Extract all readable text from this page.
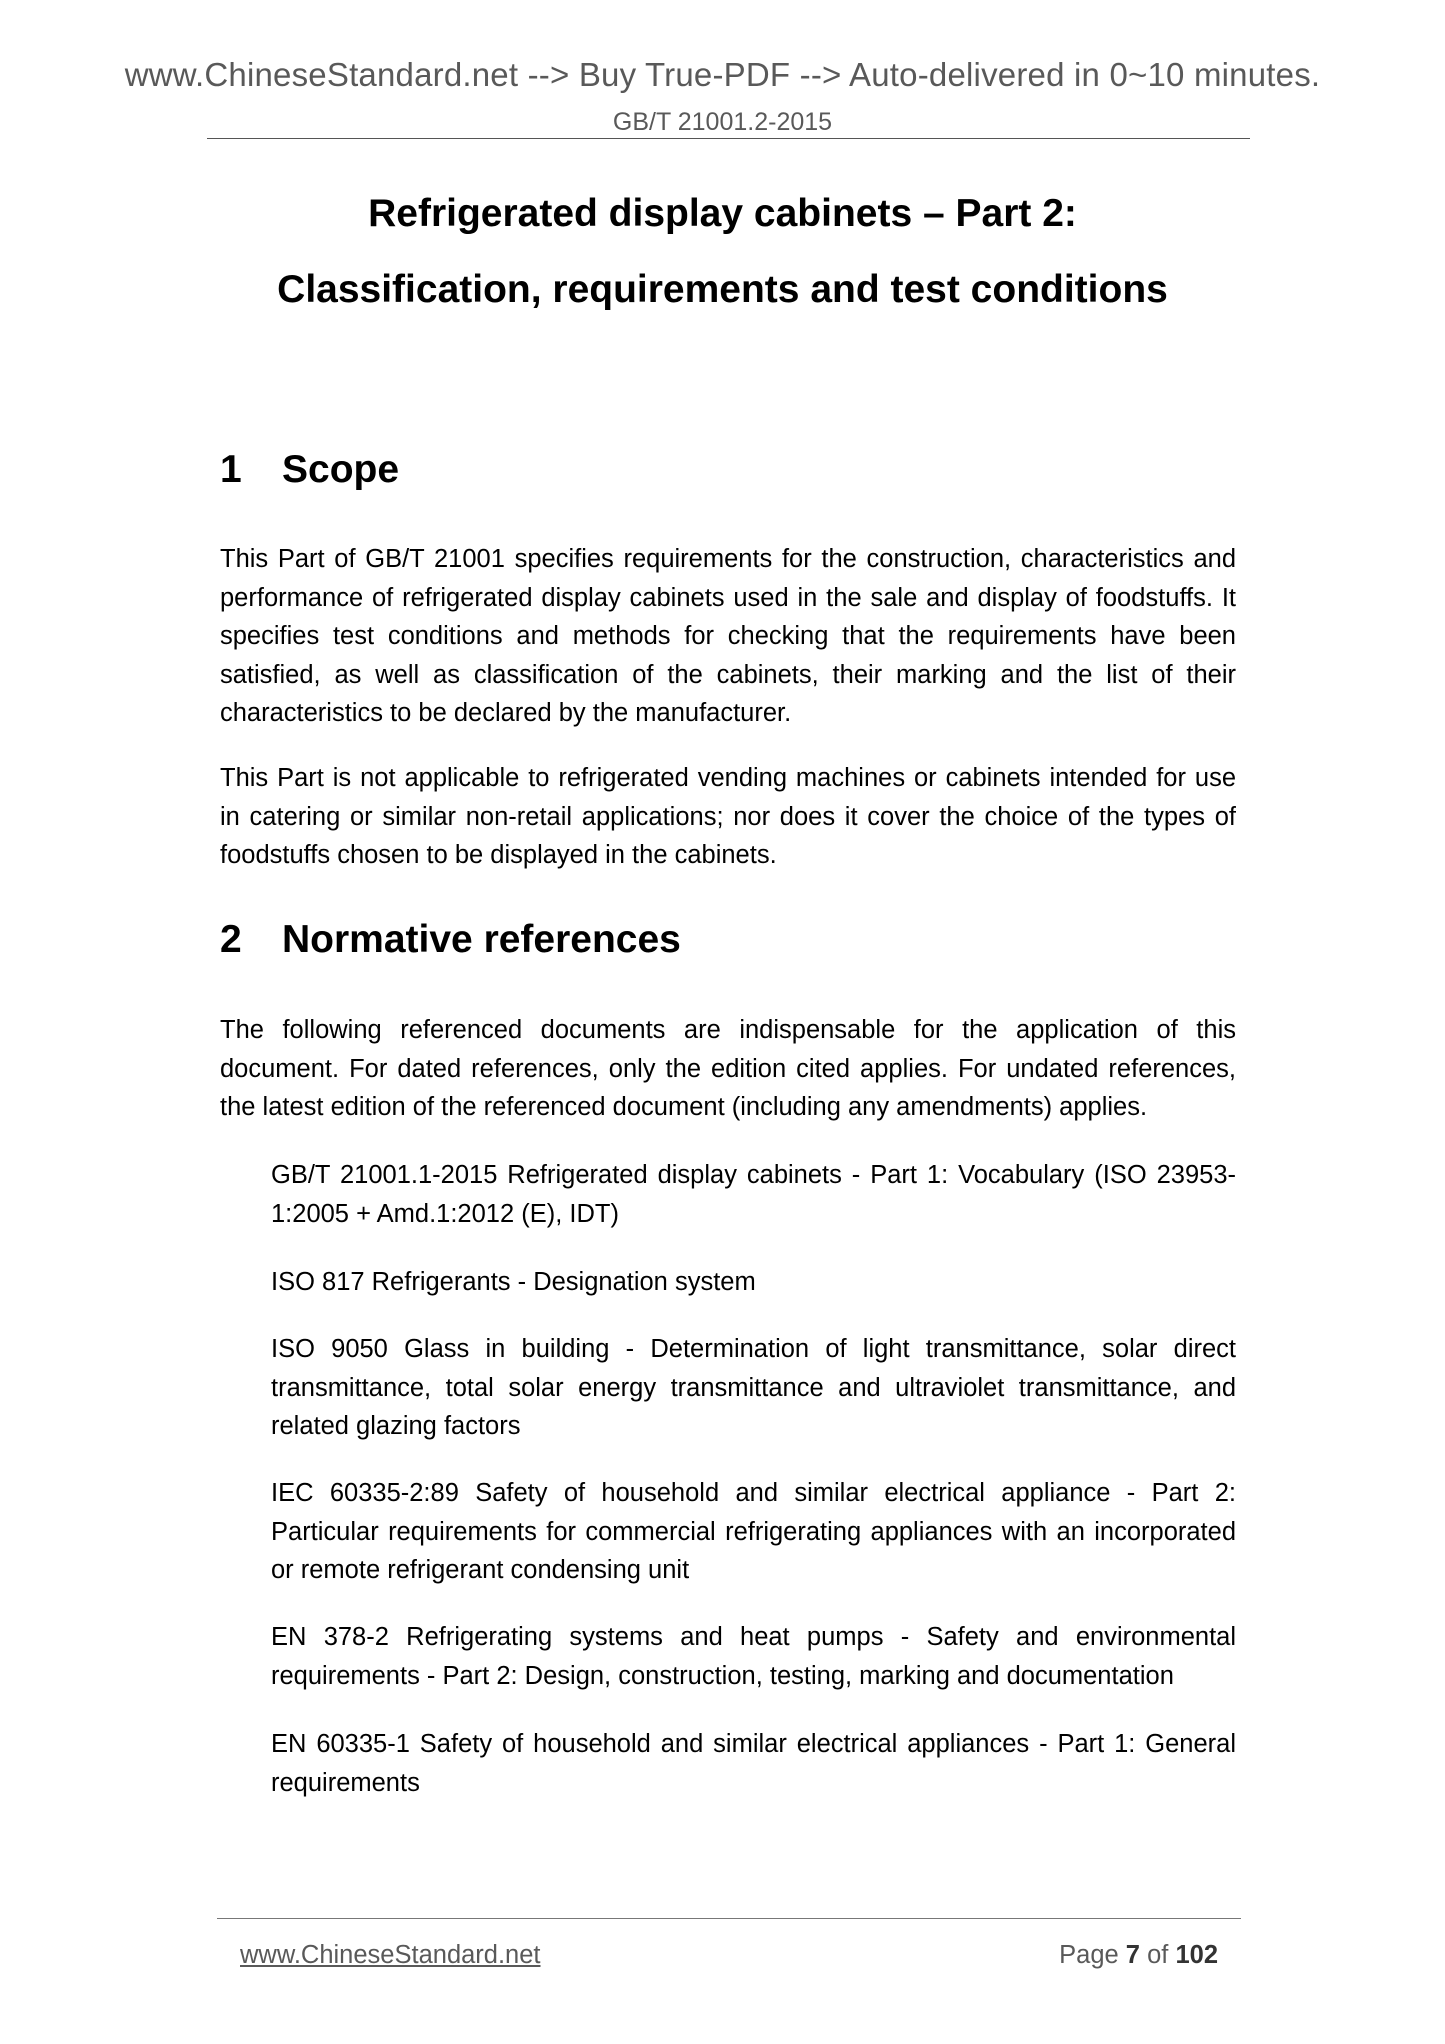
www.ChineseStandard.net --> Buy True-PDF --> Auto-delivered in 0~10 minutes.
GB/T 21001.2-2015
Refrigerated display cabinets – Part 2:
Classification, requirements and test conditions
1 Scope
This Part of GB/T 21001 specifies requirements for the construction, characteristics and performance of refrigerated display cabinets used in the sale and display of foodstuffs. It specifies test conditions and methods for checking that the requirements have been satisfied, as well as classification of the cabinets, their marking and the list of their characteristics to be declared by the manufacturer.
This Part is not applicable to refrigerated vending machines or cabinets intended for use in catering or similar non-retail applications; nor does it cover the choice of the types of foodstuffs chosen to be displayed in the cabinets.
2 Normative references
The following referenced documents are indispensable for the application of this document. For dated references, only the edition cited applies. For undated references, the latest edition of the referenced document (including any amendments) applies.
GB/T 21001.1-2015 Refrigerated display cabinets - Part 1: Vocabulary (ISO 23953-1:2005 + Amd.1:2012 (E), IDT)
ISO 817 Refrigerants - Designation system
ISO 9050 Glass in building - Determination of light transmittance, solar direct transmittance, total solar energy transmittance and ultraviolet transmittance, and related glazing factors
IEC 60335-2:89 Safety of household and similar electrical appliance - Part 2: Particular requirements for commercial refrigerating appliances with an incorporated or remote refrigerant condensing unit
EN 378-2 Refrigerating systems and heat pumps - Safety and environmental requirements - Part 2: Design, construction, testing, marking and documentation
EN 60335-1 Safety of household and similar electrical appliances - Part 1: General requirements
www.ChineseStandard.net	Page 7 of 102
